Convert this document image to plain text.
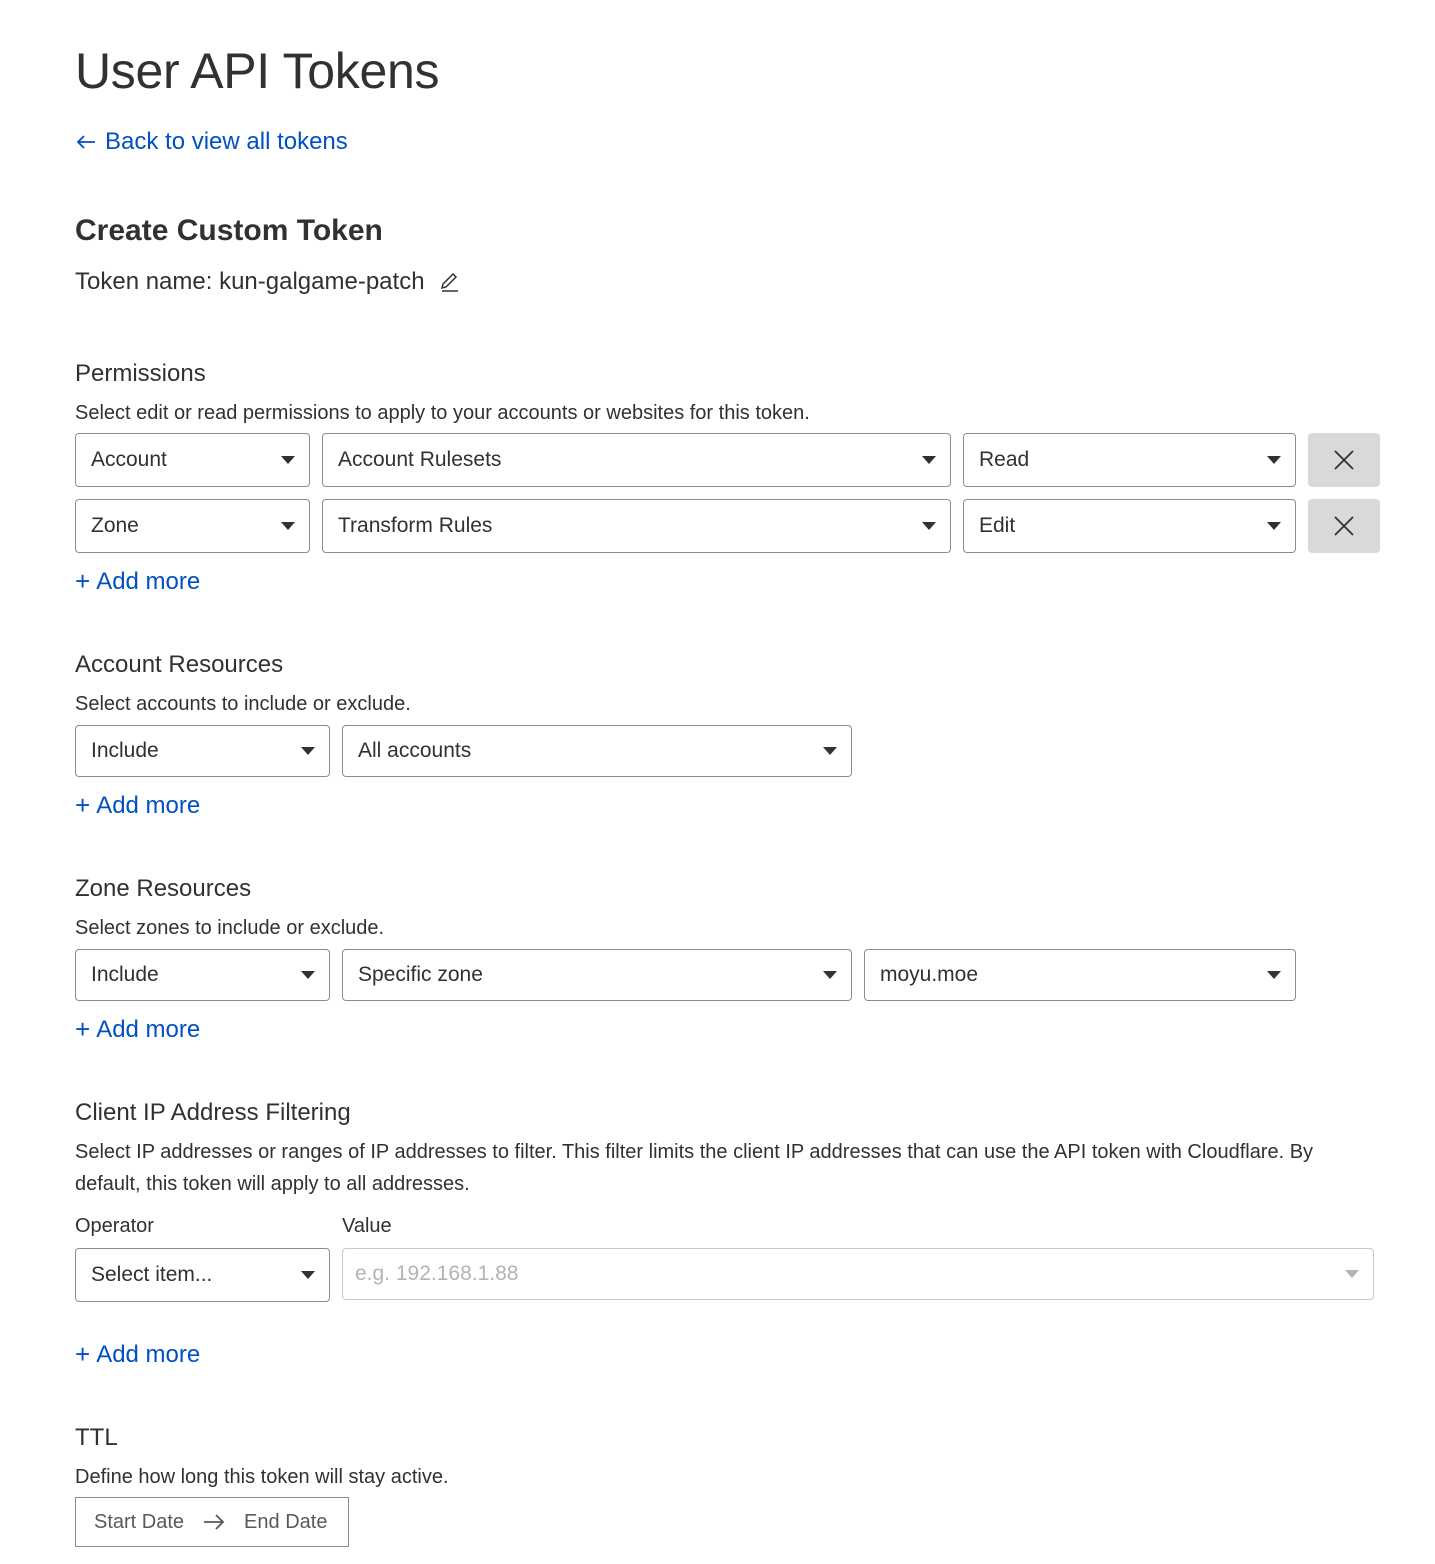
User API Tokens
Back to view all tokens
Create Custom Token
Token name: kun-galgame-patch
Permissions
Select edit or read permissions to apply to your accounts or websites for this token.
Account	Account Rulesets	Read
Zone	Transform Rules	Edit
+ Add more
Account Resources
Select accounts to include or exclude.
Include	All accounts
+ Add more
Zone Resources
Select zones to include or exclude.
Include	Specific zone	moyu.moe
+ Add more
Client IP Address Filtering
Select IP addresses or ranges of IP addresses to filter. This filter limits the client IP addresses that can use the API token with Cloudflare. By default, this token will apply to all addresses.
Operator	Value
Select item...	e.g. 192.168.1.88
+ Add more
TTL
Define how long this token will stay active.
Start Date	End Date
